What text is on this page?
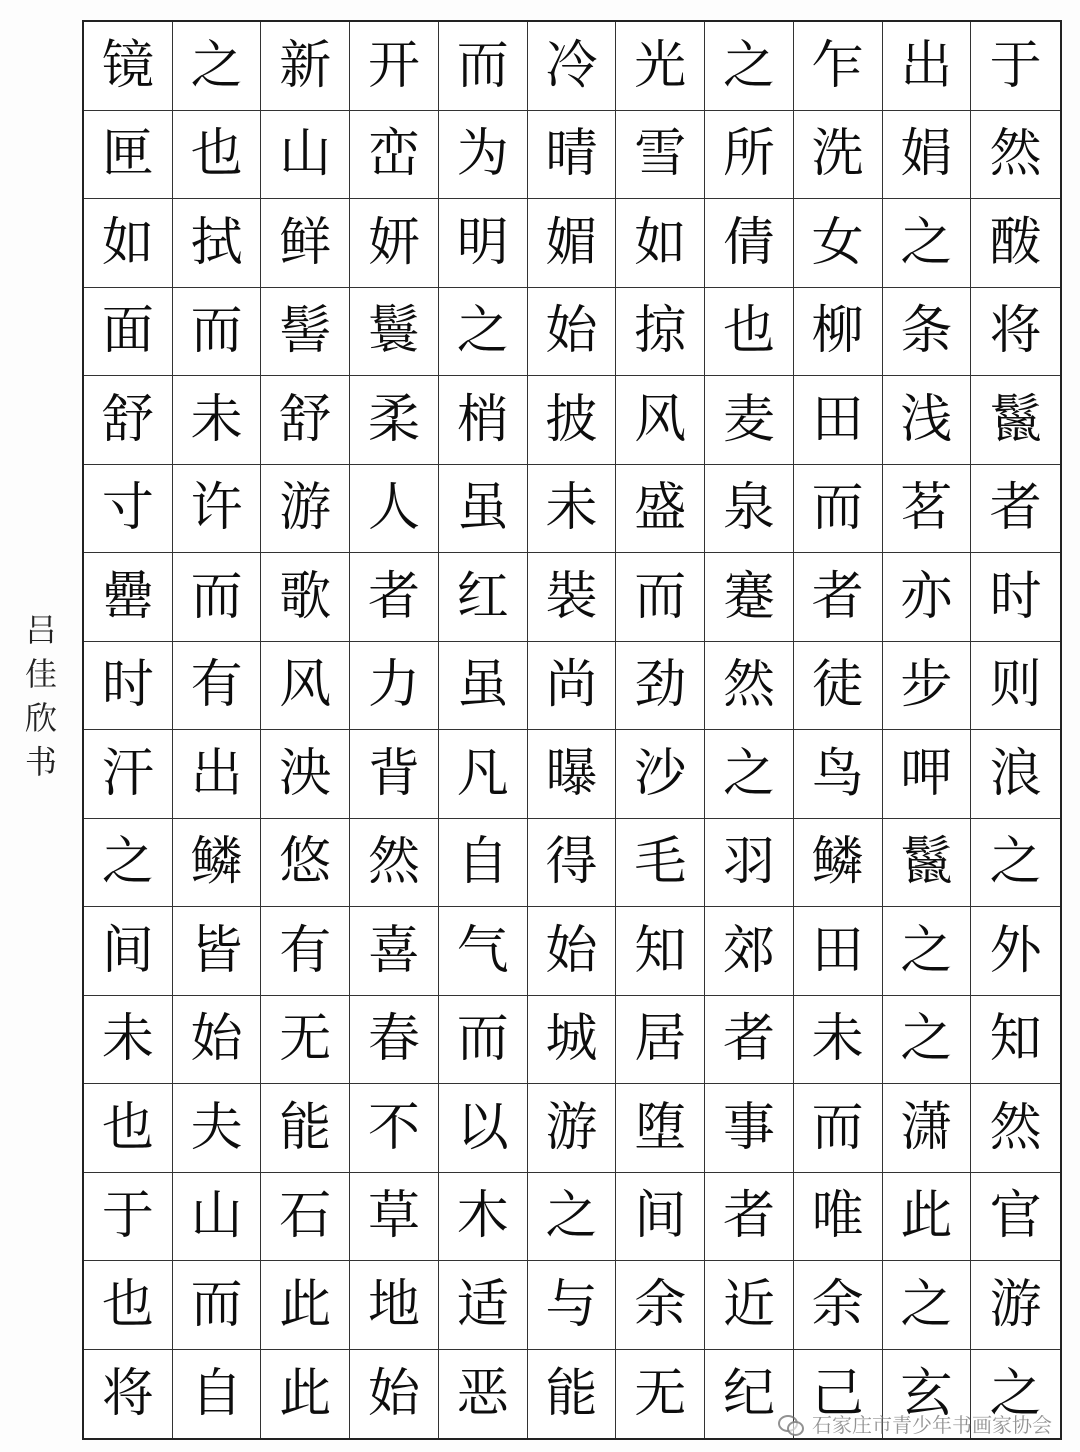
镜 之 新 开 而 冷 光 之 乍 出 于
匣 也 山 峦 为 晴 雪 所 洗 娟 然
如 拭 鲜 妍 明 媚 如 倩 女 之 酦
面 而 髻 鬟 之 始 掠 也 柳 条 将
舒 未 舒 柔 梢 披 风 麦 田 浅 鬣
寸 许 游 人 虽 未 盛 泉 而 茗 者
罍 而 歌 者 红 裝 而 蹇 者 亦 时
时 有 风 力 虽 尚 劲 然 徒 步 则
汗 出 泱 背 凡 曝 沙 之 鸟 呷 浪
之 鳞 悠 然 自 得 毛 羽 鳞 鬣 之
间 皆 有 喜 气 始 知 郊 田 之 外
未 始 无 春 而 城 居 者 未 之 知
也 夫 能 不 以 游 堕 事 而 潇 然
于 山 石 草 木 之 间 者 唯 此 官
也 而 此 地 适 与 余 近 余 之 游
将 自 此 始 恶 能 无 纪 己 玄 之
吕
佳
欣
书
石家庄市青少年书画家协会
